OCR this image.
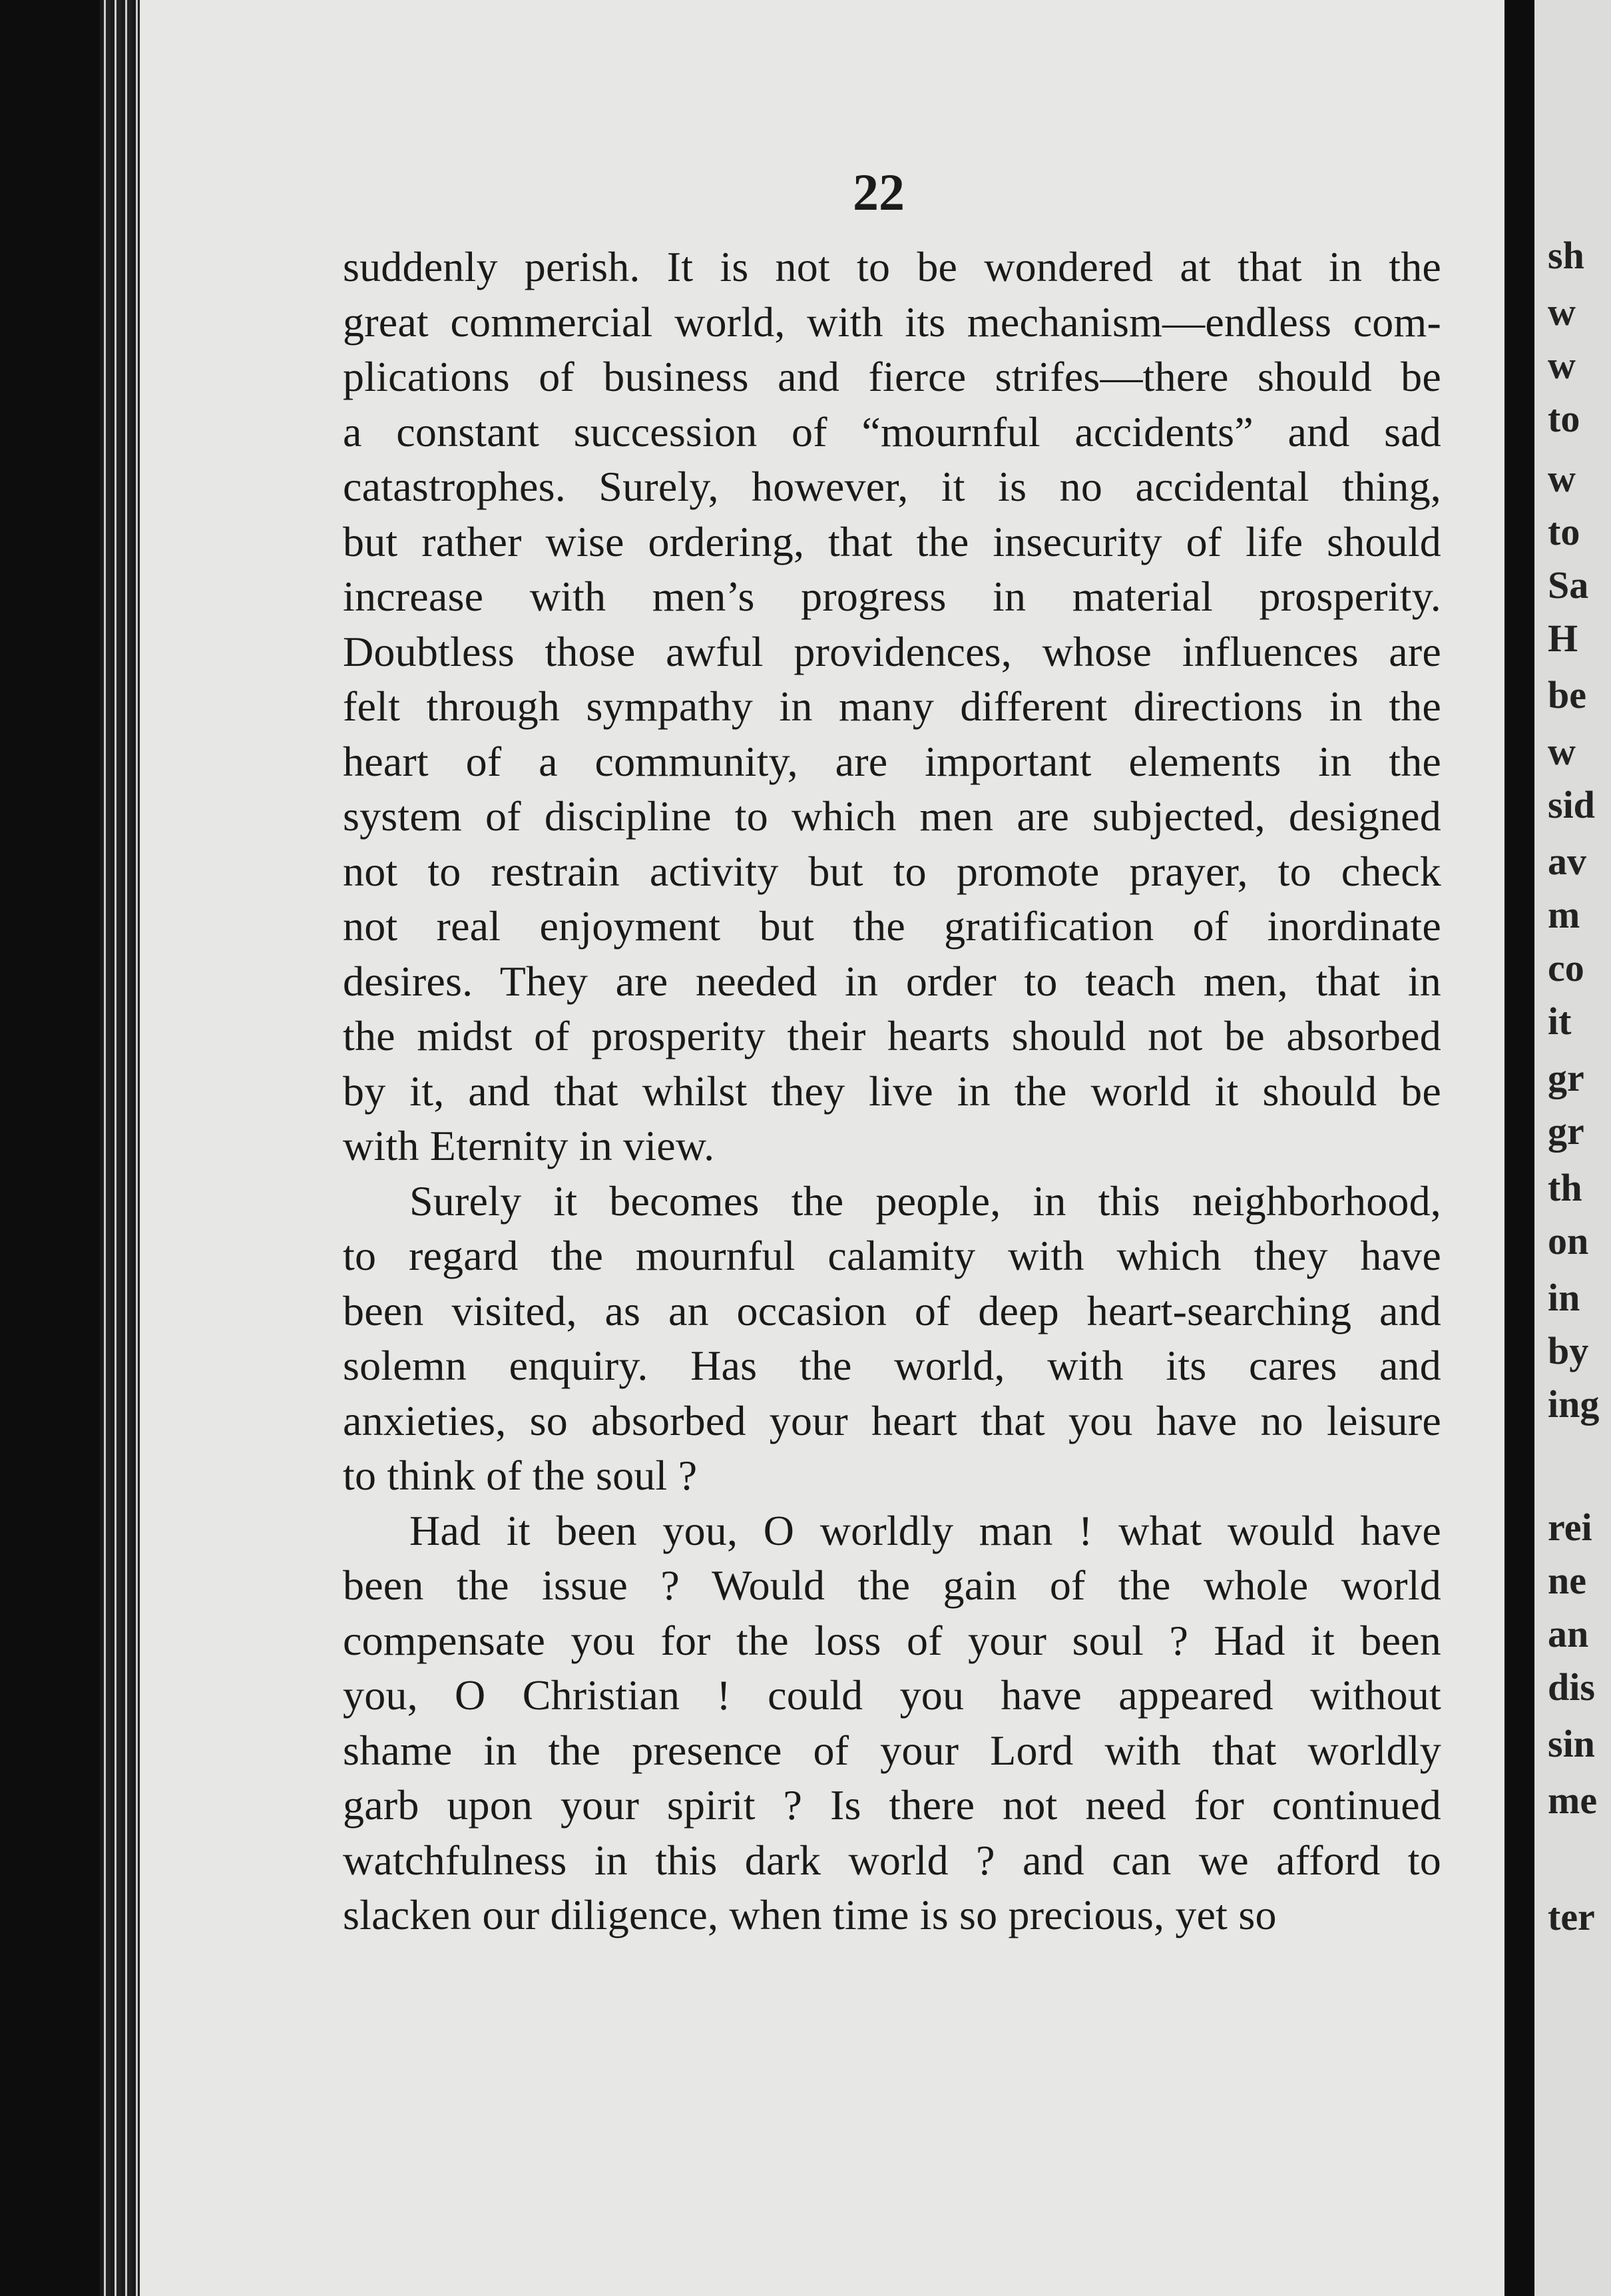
sh
w
w
to
w
to
Sa
H
be
w
sid
av
m
co
it
gr
gr
th
on
in
by
ing
rei
ne
an
dis
sin
me
ter
22
suddenly perish. It is not to be wondered at that in the
great commercial world, with its mechanism—endless com-
plications of business and fierce strifes—there should be
a constant succession of “mournful accidents” and sad
catastrophes. Surely, however, it is no accidental thing,
but rather wise ordering, that the insecurity of life should
increase with men’s progress in material prosperity.
Doubtless those awful providences, whose influences are
felt through sympathy in many different directions in the
heart of a community, are important elements in the
system of discipline to which men are subjected, designed
not to restrain activity but to promote prayer, to check
not real enjoyment but the gratification of inordinate
desires. They are needed in order to teach men, that in
the midst of prosperity their hearts should not be absorbed
by it, and that whilst they live in the world it should be
with Eternity in view.
Surely it becomes the people, in this neighborhood,
to regard the mournful calamity with which they have
been visited, as an occasion of deep heart-searching and
solemn enquiry. Has the world, with its cares and
anxieties, so absorbed your heart that you have no leisure
to think of the soul ?
Had it been you, O worldly man ! what would have
been the issue ? Would the gain of the whole world
compensate you for the loss of your soul ? Had it been
you, O Christian ! could you have appeared without
shame in the presence of your Lord with that worldly
garb upon your spirit ? Is there not need for continued
watchfulness in this dark world ? and can we afford to
slacken our diligence, when time is so precious, yet so
